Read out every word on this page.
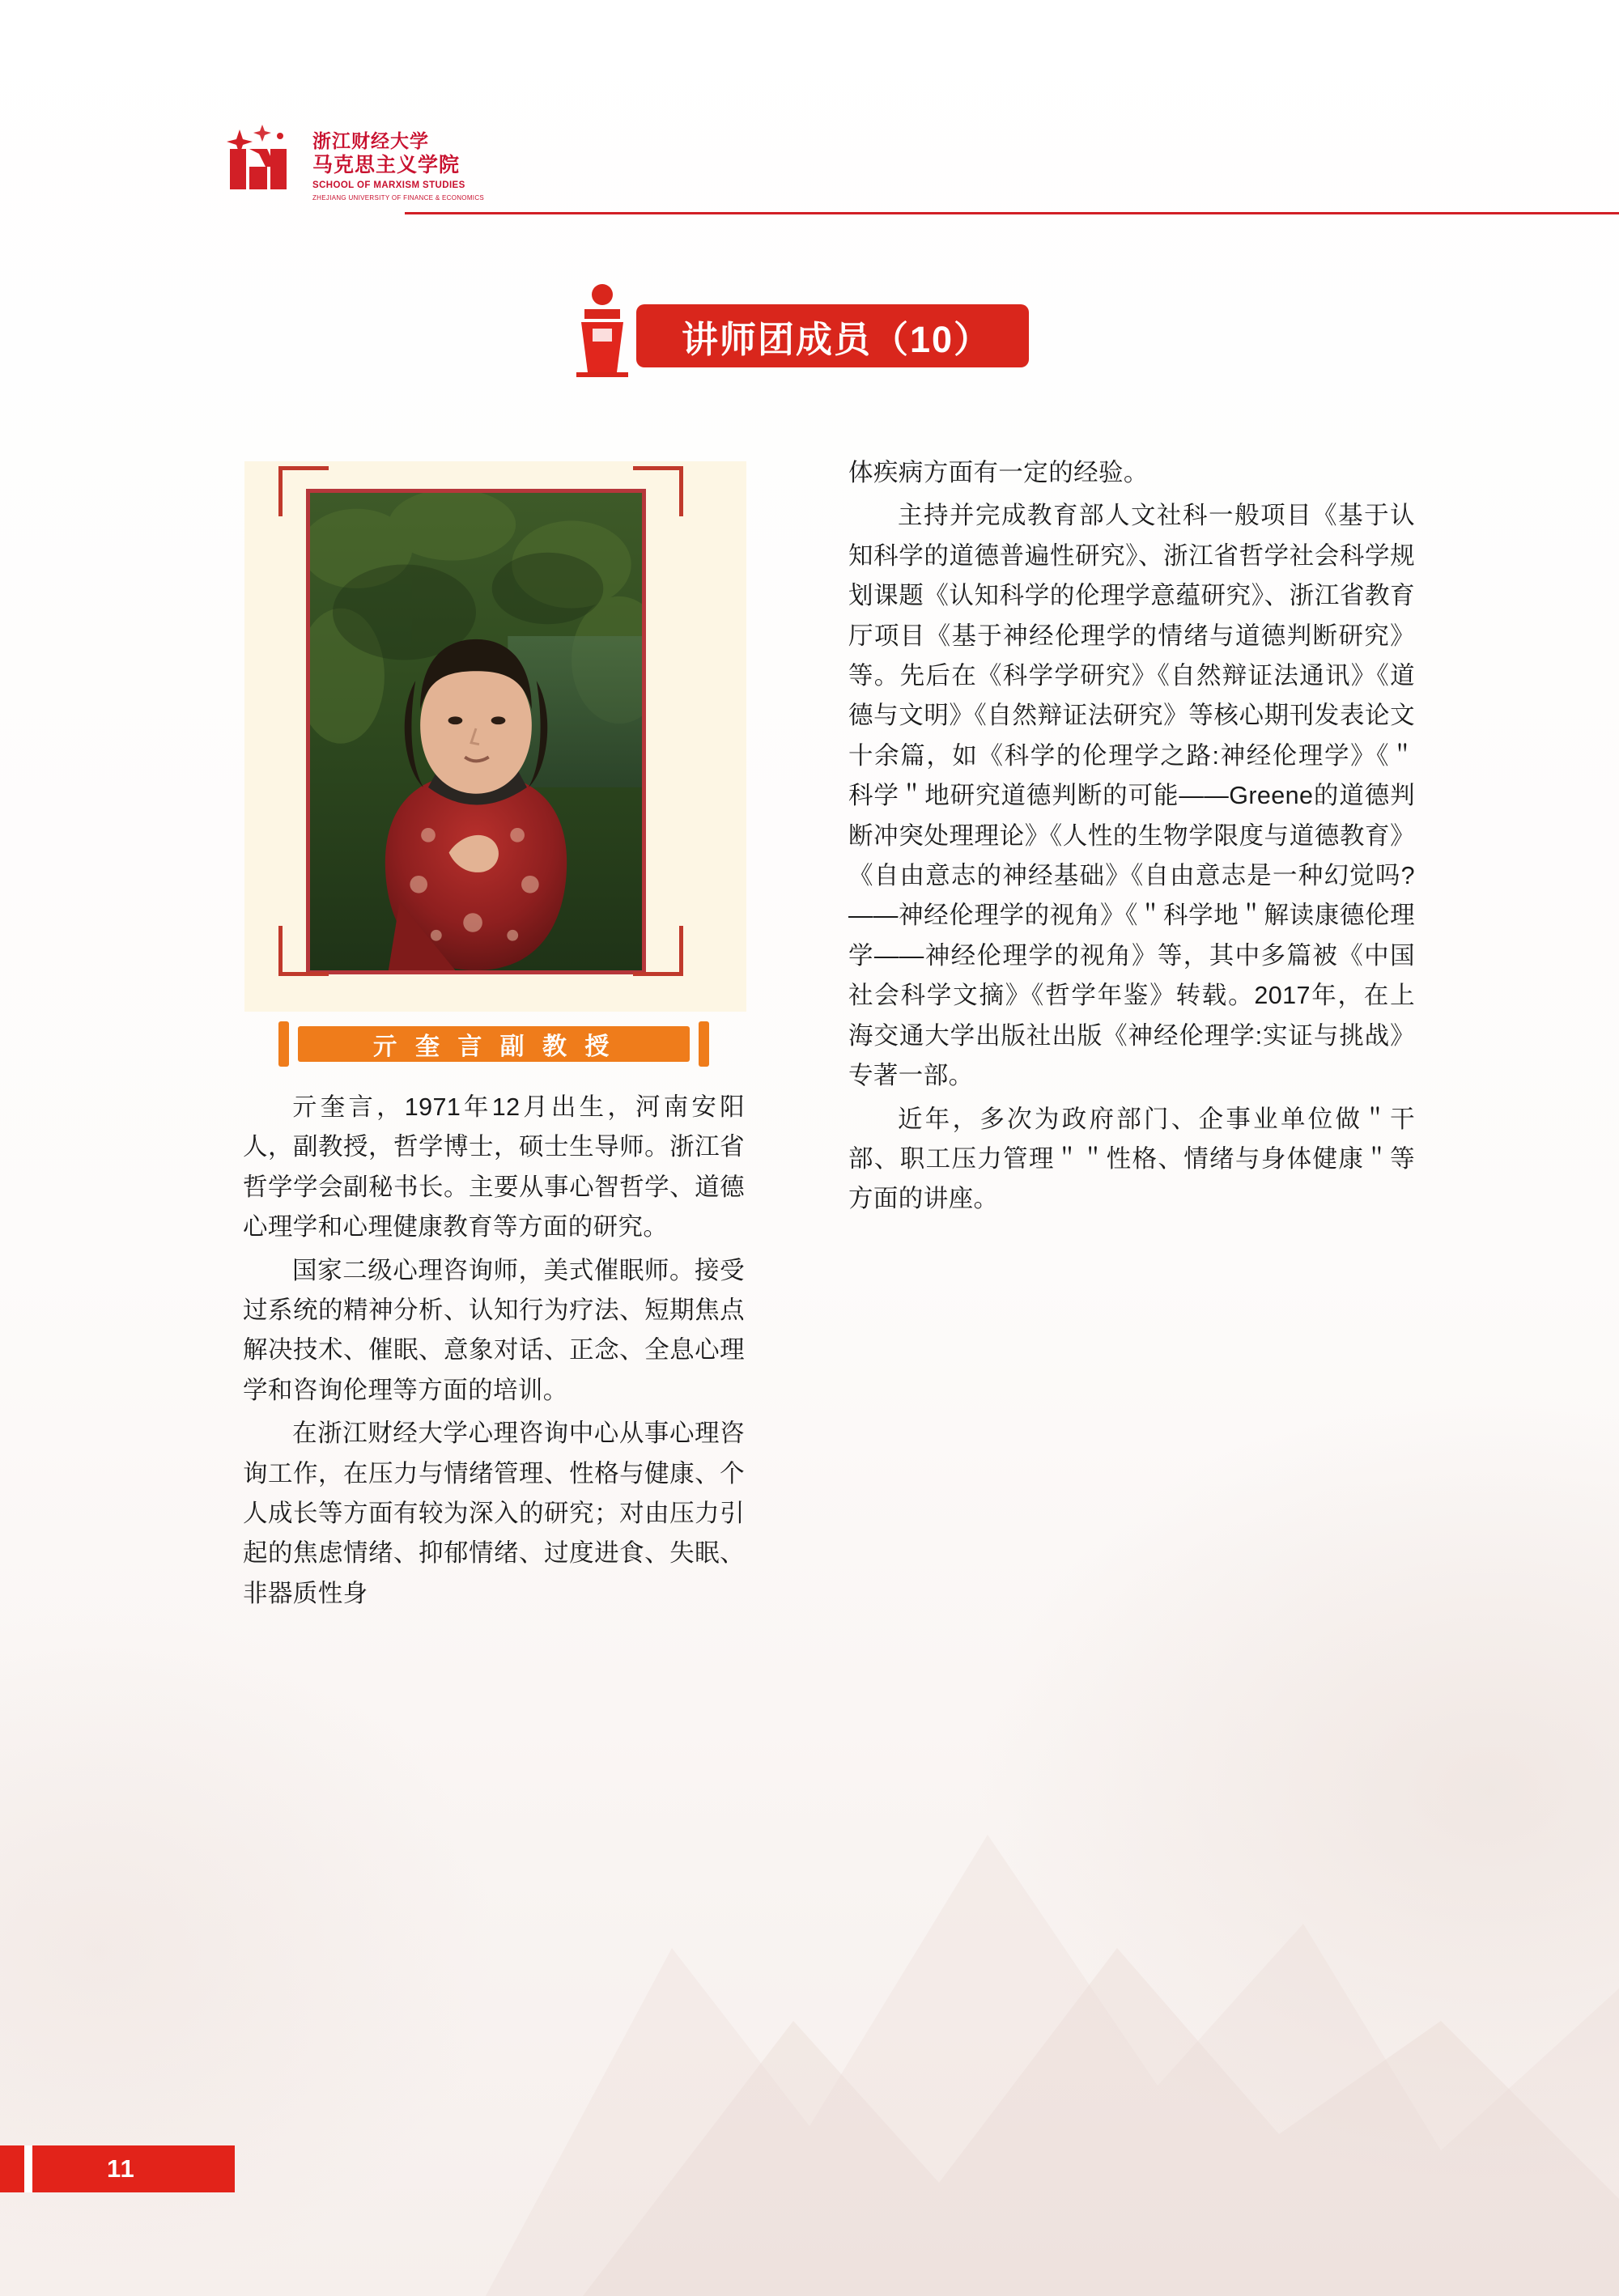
浙江财经大学
马克思主义学院
SCHOOL OF MARXISM STUDIES
ZHEJIANG UNIVERSITY OF FINANCE & ECONOMICS
讲师团成员（10）
亓 奎 言 副 教 授

亓奎言，1971年12月出生，河南安阳人，副教授，哲学博士，硕士生导师。浙江省哲学学会副秘书长。主要从事心智哲学、道德心理学和心理健康教育等方面的研究。

国家二级心理咨询师，美式催眠师。接受过系统的精神分析、认知行为疗法、短期焦点解决技术、催眠、意象对话、正念、全息心理学和咨询伦理等方面的培训。

在浙江财经大学心理咨询中心从事心理咨询工作，在压力与情绪管理、性格与健康、个人成长等方面有较为深入的研究；对由压力引起的焦虑情绪、抑郁情绪、过度进食、失眠、非器质性身

体疾病方面有一定的经验。

主持并完成教育部人文社科一般项目《基于认知科学的道德普遍性研究》、浙江省哲学社会科学规划课题《认知科学的伦理学意蕴研究》、浙江省教育厅项目《基于神经伦理学的情绪与道德判断研究》等。先后在《科学学研究》《自然辩证法通讯》《道德与文明》《自然辩证法研究》等核心期刊发表论文十余篇，如《科学的伦理学之路:神经伦理学》《＂科学＂地研究道德判断的可能——Greene的道德判断冲突处理理论》《人性的生物学限度与道德教育》《自由意志的神经基础》《自由意志是一种幻觉吗?——神经伦理学的视角》《＂科学地＂解读康德伦理学——神经伦理学的视角》等，其中多篇被《中国社会科学文摘》《哲学年鉴》转载。2017年，在上海交通大学出版社出版《神经伦理学:实证与挑战》专著一部。

近年，多次为政府部门、企事业单位做＂干部、职工压力管理＂＂性格、情绪与身体健康＂等方面的讲座。

11
